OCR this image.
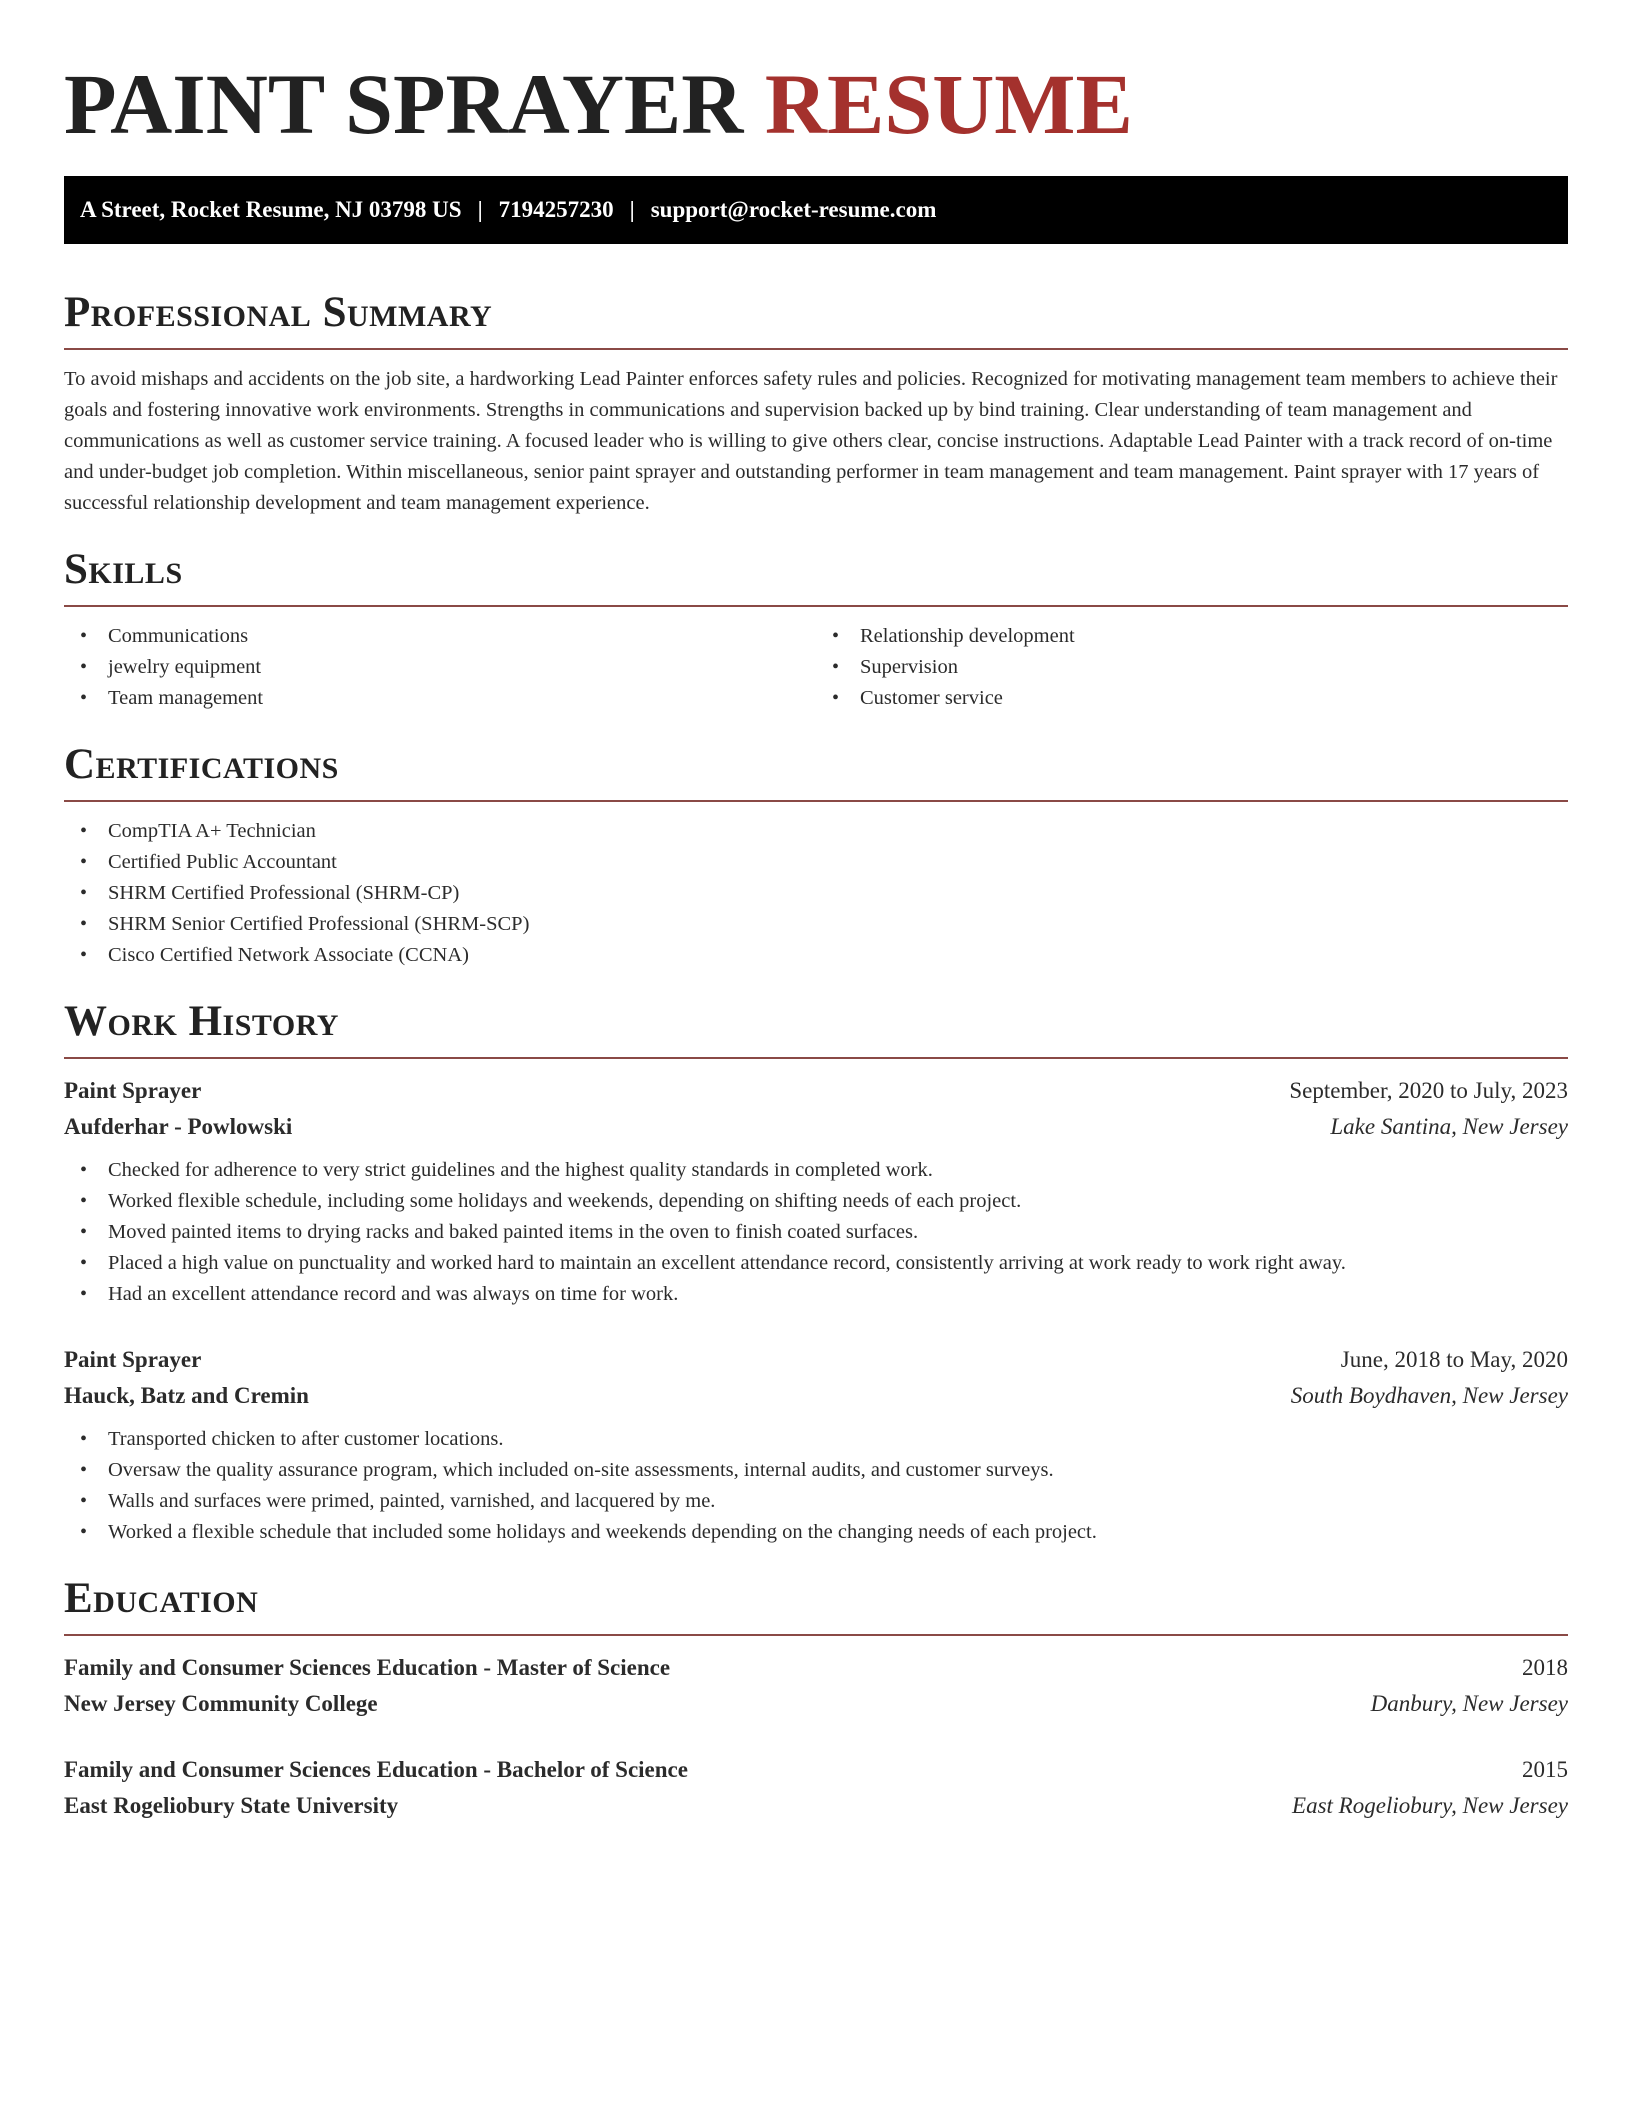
PAINT SPRAYER RESUME
A Street, Rocket Resume, NJ 03798 US | 7194257230 | support@rocket-resume.com
Professional Summary

To avoid mishaps and accidents on the job site, a hardworking Lead Painter enforces safety rules and policies. Recognized for motivating management team members to achieve their goals and fostering innovative work environments. Strengths in communications and supervision backed up by bind training. Clear understanding of team management and communications as well as customer service training. A focused leader who is willing to give others clear, concise instructions. Adaptable Lead Painter with a track record of on-time and under-budget job completion. Within miscellaneous, senior paint sprayer and outstanding performer in team management and team management. Paint sprayer with 17 years of successful relationship development and team management experience.

Skills
• Communications
• jewelry equipment
• Team management
• Relationship development
• Supervision
• Customer service
Certifications
• CompTIA A+ Technician
• Certified Public Accountant
• SHRM Certified Professional (SHRM-CP)
• SHRM Senior Certified Professional (SHRM-SCP)
• Cisco Certified Network Associate (CCNA)
Work History
Paint Sprayer	September, 2020 to July, 2023
Aufderhar - Powlowski	Lake Santina, New Jersey
• Checked for adherence to very strict guidelines and the highest quality standards in completed work.
• Worked flexible schedule, including some holidays and weekends, depending on shifting needs of each project.
• Moved painted items to drying racks and baked painted items in the oven to finish coated surfaces.
• Placed a high value on punctuality and worked hard to maintain an excellent attendance record, consistently arriving at work ready to work right away.
• Had an excellent attendance record and was always on time for work.
Paint Sprayer	June, 2018 to May, 2020
Hauck, Batz and Cremin	South Boydhaven, New Jersey
• Transported chicken to after customer locations.
• Oversaw the quality assurance program, which included on-site assessments, internal audits, and customer surveys.
• Walls and surfaces were primed, painted, varnished, and lacquered by me.
• Worked a flexible schedule that included some holidays and weekends depending on the changing needs of each project.
Education
Family and Consumer Sciences Education - Master of Science	2018
New Jersey Community College	Danbury, New Jersey
Family and Consumer Sciences Education - Bachelor of Science	2015
East Rogeliobury State University	East Rogeliobury, New Jersey
